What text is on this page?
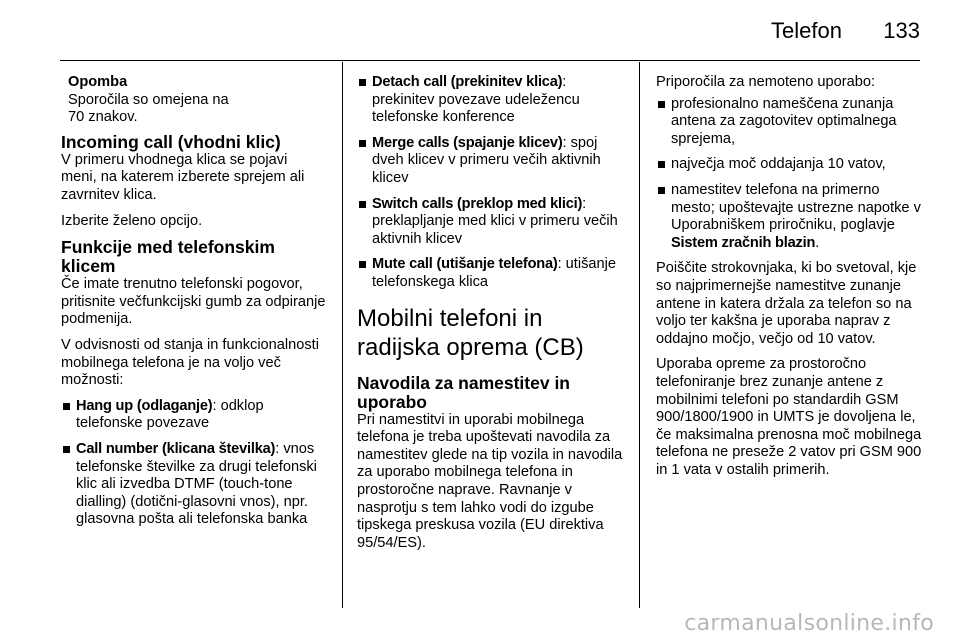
Telefon 133

Opomba

Sporočila so omejena na 70 znakov.

Incoming call (vhodni klic)

V primeru vhodnega klica se pojavi meni, na katerem izberete sprejem ali zavrnitev klica.

Izberite želeno opcijo.

Funkcije med telefonskim klicem

Če imate trenutno telefonski pogovor, pritisnite večfunkcijski gumb za odpiranje podmenija.

V odvisnosti od stanja in funkcionalnosti mobilnega telefona je na voljo več možnosti:

Hang up (odlaganje): odklop telefonske povezave
Call number (klicana številka): vnos telefonske številke za drugi telefonski klic ali izvedba DTMF (touch-tone dialling) (dotični-glasovni vnos), npr. glasovna pošta ali telefonska banka
Detach call (prekinitev klica): prekinitev povezave udeležencu telefonske konference
Merge calls (spajanje klicev): spoj dveh klicev v primeru večih aktivnih klicev
Switch calls (preklop med klici): preklapljanje med klici v primeru večih aktivnih klicev
Mute call (utišanje telefona): utišanje telefonskega klica
Mobilni telefoni in radijska oprema (CB)
Navodila za namestitev in uporabo

Pri namestitvi in uporabi mobilnega telefona je treba upoštevati navodila za namestitev glede na tip vozila in navodila za uporabo mobilnega telefona in prostoročne naprave. Ravnanje v nasprotju s tem lahko vodi do izgube tipskega preskusa vozila (EU direktiva 95/54/ES).

Priporočila za nemoteno uporabo:

profesionalno nameščena zunanja antena za zagotovitev optimalnega sprejema,
največja moč oddajanja 10 vatov,
namestitev telefona na primerno mesto; upoštevajte ustrezne napotke v Uporabniškem priročniku, poglavje Sistem zračnih blazin.

Poiščite strokovnjaka, ki bo svetoval, kje so najprimernejše namestitve zunanje antene in katera držala za telefon so na voljo ter kakšna je uporaba naprav z oddajno močjo, večjo od 10 vatov.

Uporaba opreme za prostoročno telefoniranje brez zunanje antene z mobilnimi telefoni po standardih GSM 900/1800/1900 in UMTS je dovoljena le, če maksimalna prenosna moč mobilnega telefona ne preseže 2 vatov pri GSM 900 in 1 vata v ostalih primerih.

carmanualsonline.info
